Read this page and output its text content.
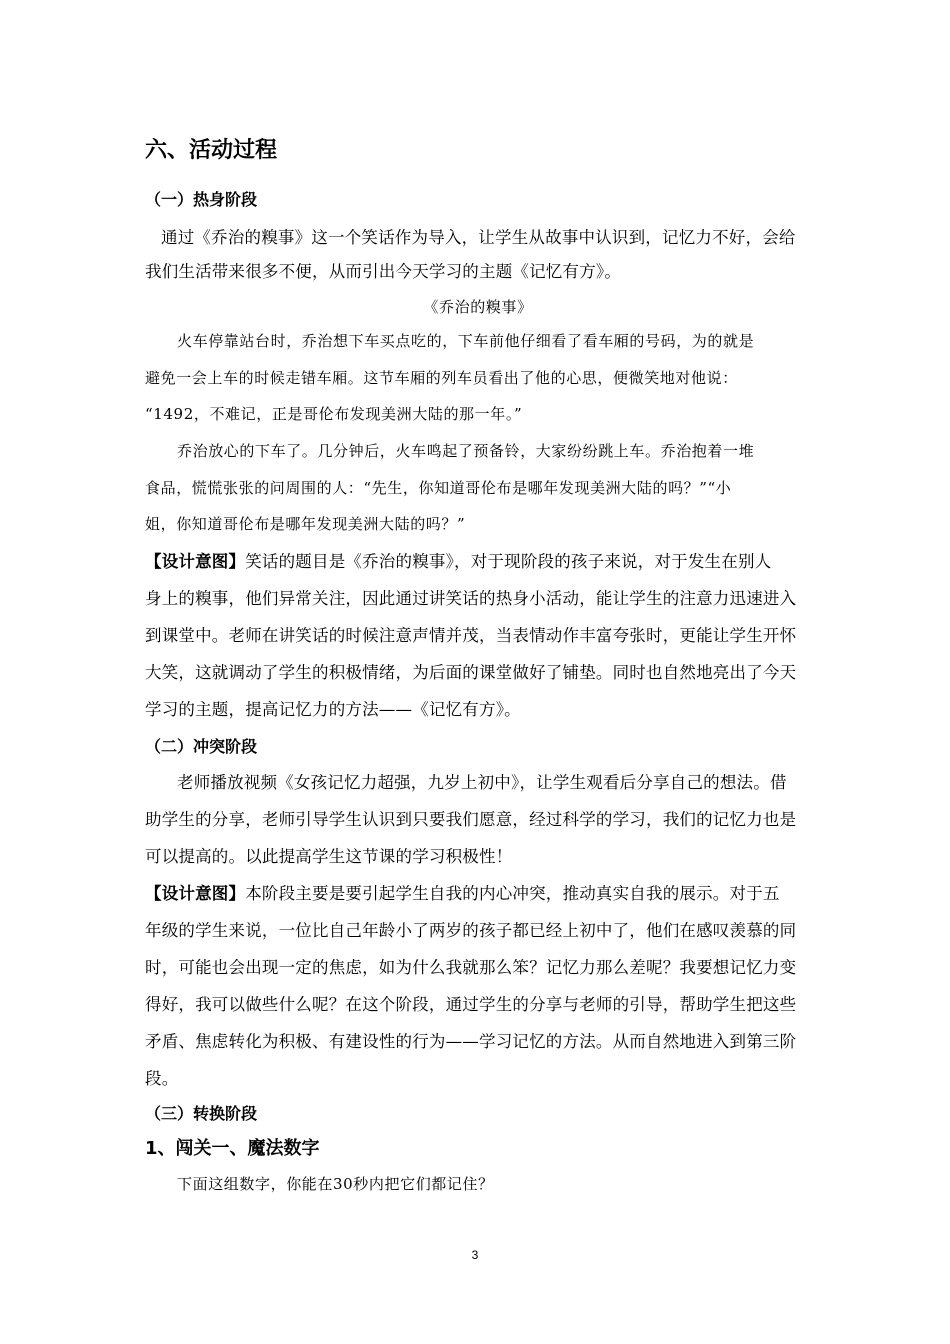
六、活动过程
（一）热身阶段
通过《乔治的糗事》这一个笑话作为导入，让学生从故事中认识到，记忆力不好，会给
我们生活带来很多不便，从而引出今天学习的主题《记忆有方》。
《乔治的糗事》
火车停靠站台时，乔治想下车买点吃的，下车前他仔细看了看车厢的号码，为的就是
避免一会上车的时候走错车厢。这节车厢的列车员看出了他的心思，便微笑地对他说：
“1492，不难记，正是哥伦布发现美洲大陆的那一年。”
乔治放心的下车了。几分钟后，火车鸣起了预备铃，大家纷纷跳上车。乔治抱着一堆
食品，慌慌张张的问周围的人：“先生，你知道哥伦布是哪年发现美洲大陆的吗？”“小
姐，你知道哥伦布是哪年发现美洲大陆的吗？”
【设计意图】笑话的题目是《乔治的糗事》，对于现阶段的孩子来说，对于发生在别人
身上的糗事，他们异常关注，因此通过讲笑话的热身小活动，能让学生的注意力迅速进入
到课堂中。老师在讲笑话的时候注意声情并茂，当表情动作丰富夸张时，更能让学生开怀
大笑，这就调动了学生的积极情绪，为后面的课堂做好了铺垫。同时也自然地亮出了今天
学习的主题，提高记忆力的方法——《记忆有方》。
（二）冲突阶段
老师播放视频《女孩记忆力超强，九岁上初中》，让学生观看后分享自己的想法。借
助学生的分享，老师引导学生认识到只要我们愿意，经过科学的学习，我们的记忆力也是
可以提高的。以此提高学生这节课的学习积极性！
【设计意图】本阶段主要是要引起学生自我的内心冲突，推动真实自我的展示。对于五
年级的学生来说，一位比自己年龄小了两岁的孩子都已经上初中了，他们在感叹羡慕的同
时，可能也会出现一定的焦虑，如为什么我就那么笨？记忆力那么差呢？我要想记忆力变
得好，我可以做些什么呢？在这个阶段，通过学生的分享与老师的引导，帮助学生把这些
矛盾、焦虑转化为积极、有建设性的行为——学习记忆的方法。从而自然地进入到第三阶
段。
（三）转换阶段
1、闯关一、魔法数字
下面这组数字，你能在30秒内把它们都记住？
3
